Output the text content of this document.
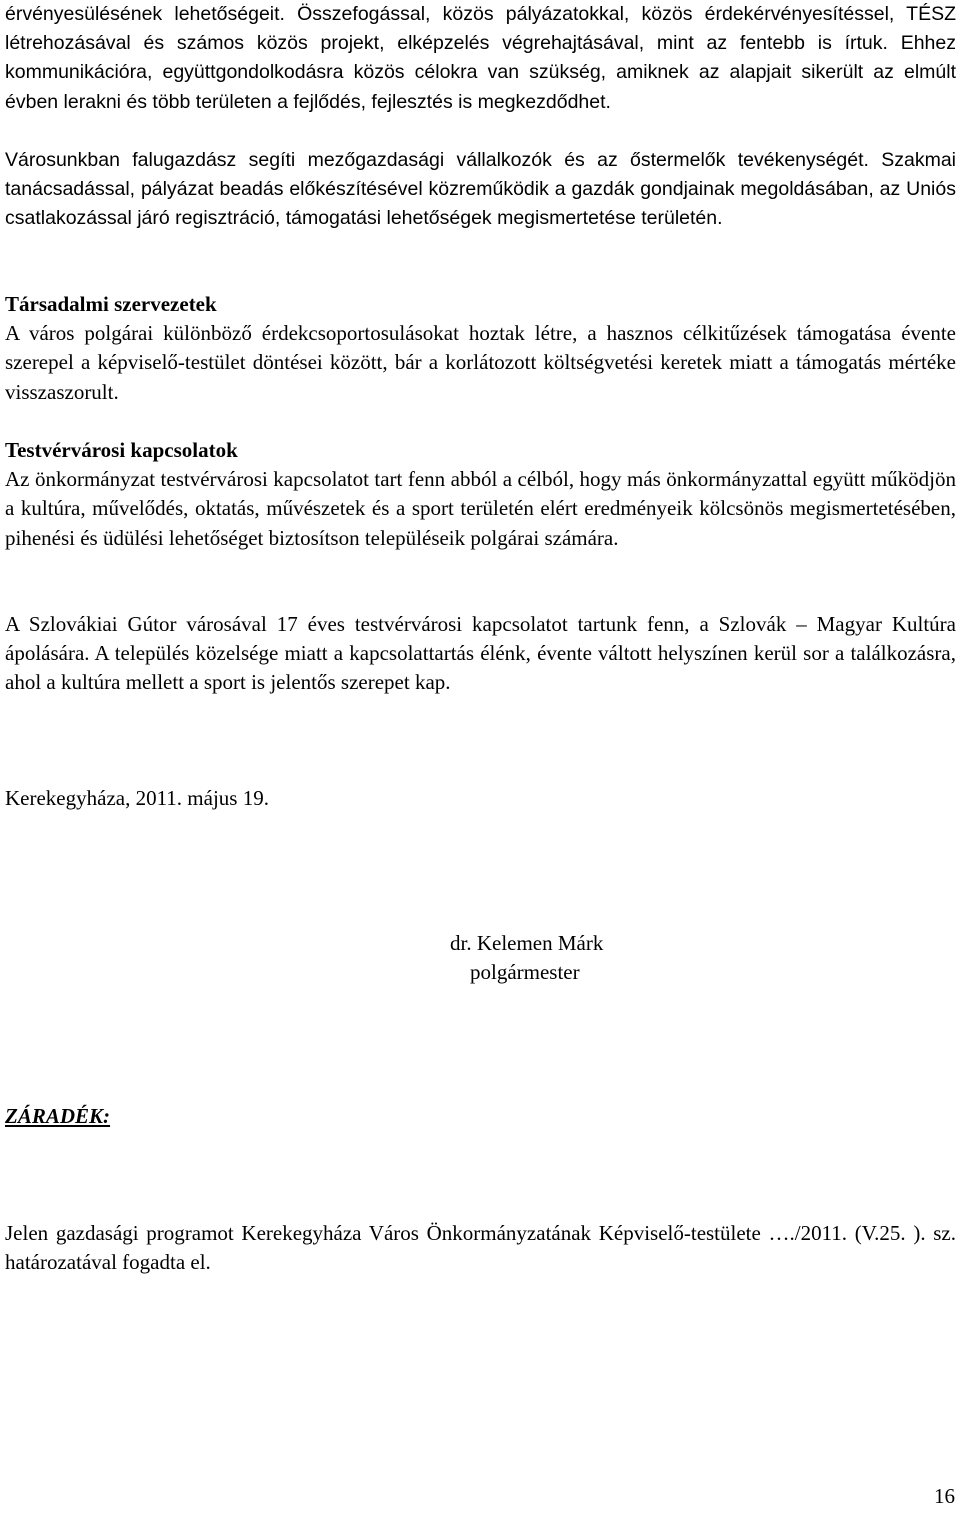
érvényesülésének lehetőségeit. Összefogással, közös pályázatokkal, közös érdekérvényesítéssel, TÉSZ létrehozásával és számos közös projekt, elképzelés végrehajtásával, mint az fentebb is írtuk. Ehhez kommunikációra, együttgondolkodásra közös célokra van szükség, amiknek az alapjait sikerült az elmúlt évben lerakni és több területen a fejlődés, fejlesztés is megkezdődhet.

Városunkban falugazdász segíti mezőgazdasági vállalkozók és az őstermelők tevékenységét. Szakmai tanácsadással, pályázat beadás előkészítésével közreműködik a gazdák gondjainak megoldásában, az Uniós csatlakozással járó regisztráció, támogatási lehetőségek megismertetése területén.

Társadalmi szervezetek

A város polgárai különböző érdekcsoportosulásokat hoztak létre, a hasznos célkitűzések támogatása évente szerepel a képviselő-testület döntései között, bár a korlátozott költségvetési keretek miatt a támogatás mértéke visszaszorult.

Testvérvárosi kapcsolatok

Az önkormányzat testvérvárosi kapcsolatot tart fenn abból a célból, hogy más önkormányzattal együtt működjön a kultúra, művelődés, oktatás, művészetek és a sport területén elért eredményeik kölcsönös megismertetésében, pihenési és üdülési lehetőséget biztosítson településeik polgárai számára.

A Szlovákiai Gútor városával 17 éves testvérvárosi kapcsolatot tartunk fenn, a Szlovák – Magyar Kultúra ápolására. A település közelsége miatt a kapcsolattartás élénk, évente váltott helyszínen kerül sor a találkozásra, ahol a kultúra mellett a sport is jelentős szerepet kap.

Kerekegyháza, 2011. május 19.
dr. Kelemen Márk
polgármester
ZÁRADÉK:

Jelen gazdasági programot Kerekegyháza Város Önkormányzatának Képviselő-testülete …./2011. (V.25. ). sz. határozatával fogadta el.

16
